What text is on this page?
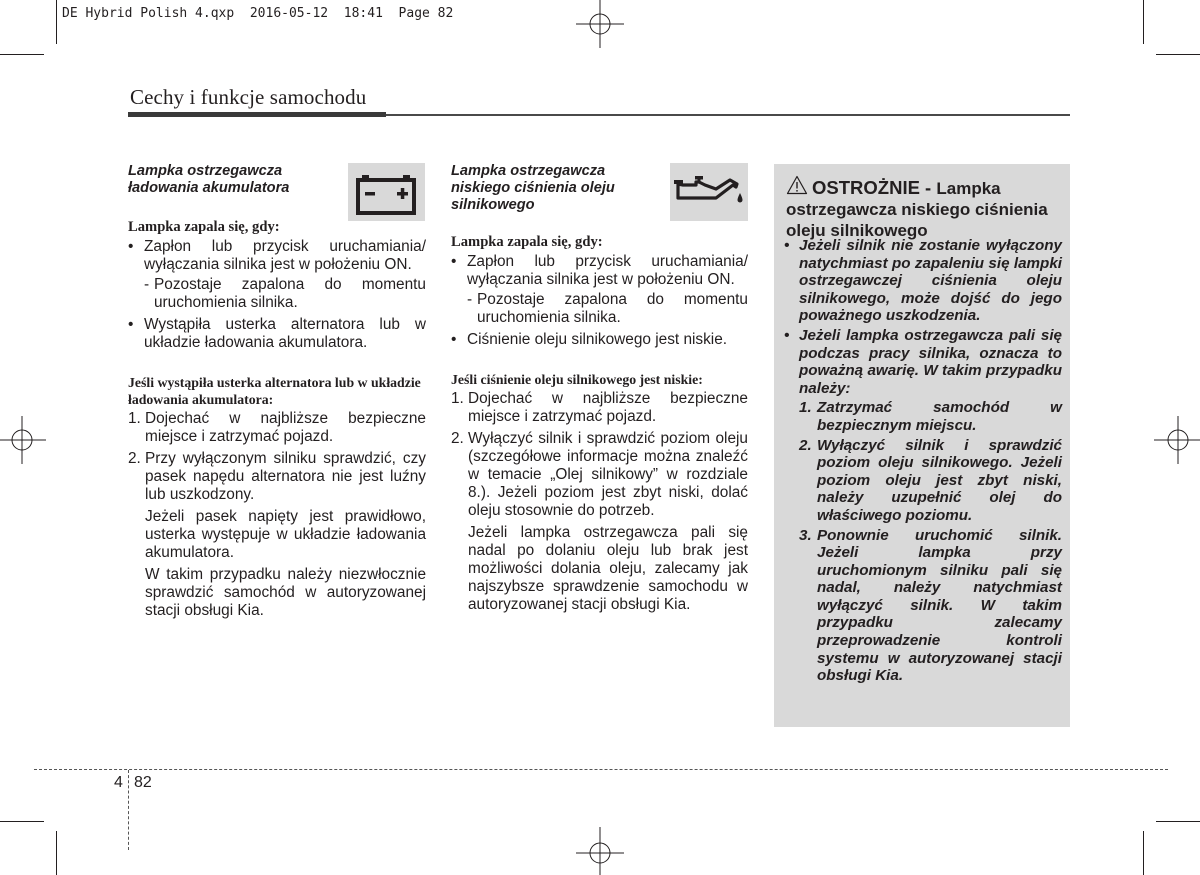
DE Hybrid Polish 4.qxp  2016-05-12  18:41  Page 82
Cechy i funkcje samochodu
Lampka ostrzegawcza
ładowania akumulatora
Lampka zapala się, gdy:
• Zapłon lub przycisk uruchamiania/ wyłączania silnika jest w położeniu ON.
- Pozostaje zapalona do momentu uruchomienia silnika.
• Wystąpiła usterka alternatora lub w układzie ładowania akumulatora.
Jeśli wystąpiła usterka alternatora lub w układzie ładowania akumulatora:
1. Dojechać w najbliższe bezpieczne miejsce i zatrzymać pojazd.
2. Przy wyłączonym silniku sprawdzić, czy pasek napędu alternatora nie jest luźny lub uszkodzony.

Jeżeli pasek napięty jest prawidłowo, usterka występuje w układzie ładowania akumulatora.

W takim przypadku należy niezwłocznie sprawdzić samochód w autoryzowanej stacji obsługi Kia.

Lampka ostrzegawcza
niskiego ciśnienia oleju
silnikowego
Lampka zapala się, gdy:
• Zapłon lub przycisk uruchamiania/ wyłączania silnika jest w położeniu ON.
- Pozostaje zapalona do momentu uruchomienia silnika.
• Ciśnienie oleju silnikowego jest niskie.
Jeśli ciśnienie oleju silnikowego jest niskie:
1. Dojechać w najbliższe bezpieczne miejsce i zatrzymać pojazd.
2. Wyłączyć silnik i sprawdzić poziom oleju (szczegółowe informacje można znaleźć w temacie „Olej silnikowy” w rozdziale 8.). Jeżeli poziom jest zbyt niski, dolać oleju stosownie do potrzeb.

Jeżeli lampka ostrzegawcza pali się nadal po dolaniu oleju lub brak jest możliwości dolania oleju, zalecamy jak najszybsze sprawdzenie samochodu w autoryzowanej stacji obsługi Kia.

OSTROŻNIE - Lampka ostrzegawcza niskiego ciśnienia oleju silnikowego
• Jeżeli silnik nie zostanie wyłączony natychmiast po zapaleniu się lampki ostrzegawczej ciśnienia oleju silnikowego, może dojść do jego poważnego uszkodzenia.
• Jeżeli lampka ostrzegawcza pali się podczas pracy silnika, oznacza to poważną awarię. W takim przypadku należy:
1. Zatrzymać samochód w bezpiecznym miejscu.
2. Wyłączyć silnik i sprawdzić poziom oleju silnikowego. Jeżeli poziom oleju jest zbyt niski, należy uzupełnić olej do właściwego poziomu.
3. Ponownie uruchomić silnik. Jeżeli lampka przy uruchomionym silniku pali się nadal, należy natychmiast wyłączyć silnik. W takim przypadku zalecamy przeprowadzenie kontroli systemu w autoryzowanej stacji obsługi Kia.
4 82
